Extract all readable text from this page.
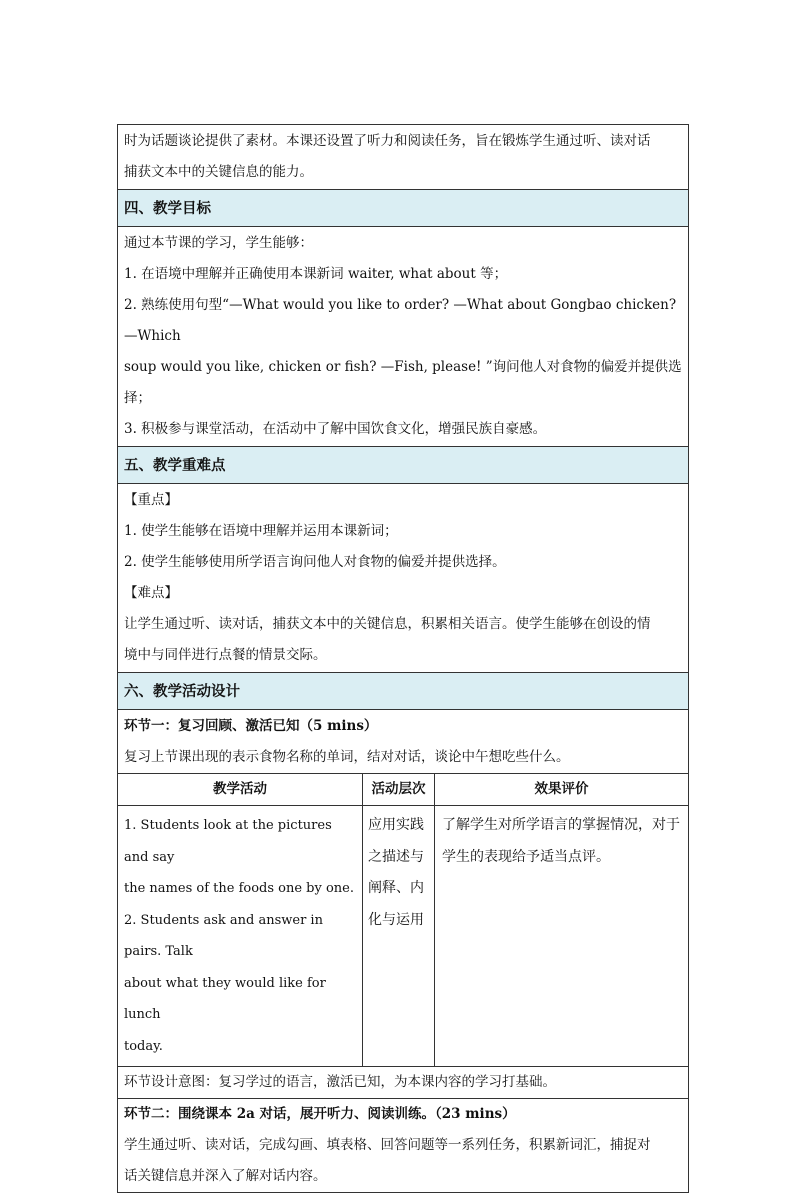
时为话题谈论提供了素材。本课还设置了听力和阅读任务，旨在锻炼学生通过听、读对话
捕获文本中的关键信息的能力。
四、教学目标
通过本节课的学习，学生能够：
1. 在语境中理解并正确使用本课新词 waiter, what about 等；
2. 熟练使用句型“—What would you like to order? —What about Gongbao chicken? —Which
soup would you like, chicken or fish? —Fish, please! ”询问他人对食物的偏爱并提供选择；
3. 积极参与课堂活动，在活动中了解中国饮食文化，增强民族自豪感。
五、教学重难点
【重点】
1. 使学生能够在语境中理解并运用本课新词；
2. 使学生能够使用所学语言询问他人对食物的偏爱并提供选择。
【难点】
让学生通过听、读对话，捕获文本中的关键信息，积累相关语言。使学生能够在创设的情
境中与同伴进行点餐的情景交际。
六、教学活动设计
环节一：复习回顾、激活已知（5 mins）
复习上节课出现的表示食物名称的单词，结对对话，谈论中午想吃些什么。
教学活动	活动层次	效果评价
1. Students look at the pictures and say
the names of the foods one by one.
2. Students ask and answer in pairs. Talk
about what they would like for lunch
today.
应用实践
之描述与
阐释、内
化与运用
了解学生对所学语言的掌握情况，对于
学生的表现给予适当点评。
环节设计意图：复习学过的语言，激活已知，为本课内容的学习打基础。
环节二：围绕课本 2a 对话，展开听力、阅读训练。（23 mins）
学生通过听、读对话，完成勾画、填表格、回答问题等一系列任务，积累新词汇，捕捉对
话关键信息并深入了解对话内容。
